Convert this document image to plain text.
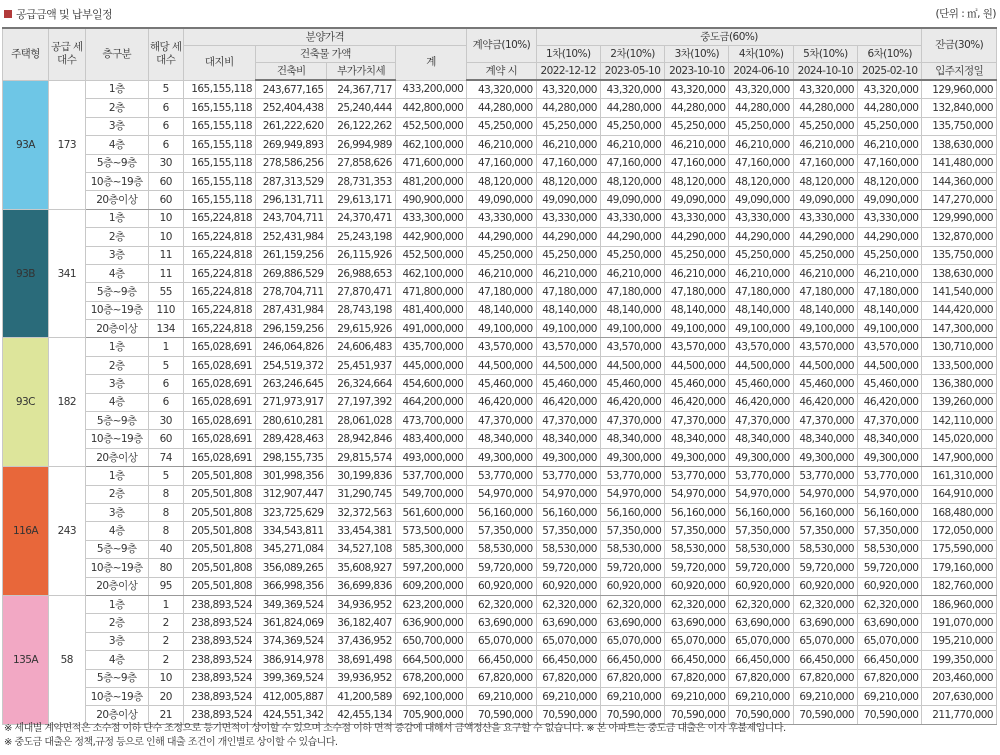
공급금액 및 납부일정	(단위 : ㎡, 원)
주택형	공급 세대수	층구분	해당 세대수	분양가격				계약금(10%)	중도금(60%)						잔금(30%)
				대지비	건축물 가액		계		1차(10%)	2차(10%)	3차(10%)	4차(10%)	5차(10%)	6차(10%)	
					건축비	부가가치세		계약 시	2022-12-12	2023-05-10	2023-10-10	2024-06-10	2024-10-10	2025-02-10	입주지정일
93A	173	1층	5	165,155,118	243,677,165	24,367,717	433,200,000	43,320,000	43,320,000	43,320,000	43,320,000	43,320,000	43,320,000	43,320,000	129,960,000
		2층	6	165,155,118	252,404,438	25,240,444	442,800,000	44,280,000	44,280,000	44,280,000	44,280,000	44,280,000	44,280,000	44,280,000	132,840,000
		3층	6	165,155,118	261,222,620	26,122,262	452,500,000	45,250,000	45,250,000	45,250,000	45,250,000	45,250,000	45,250,000	45,250,000	135,750,000
		4층	6	165,155,118	269,949,893	26,994,989	462,100,000	46,210,000	46,210,000	46,210,000	46,210,000	46,210,000	46,210,000	46,210,000	138,630,000
		5층~9층	30	165,155,118	278,586,256	27,858,626	471,600,000	47,160,000	47,160,000	47,160,000	47,160,000	47,160,000	47,160,000	47,160,000	141,480,000
		10층~19층	60	165,155,118	287,313,529	28,731,353	481,200,000	48,120,000	48,120,000	48,120,000	48,120,000	48,120,000	48,120,000	48,120,000	144,360,000
		20층이상	60	165,155,118	296,131,711	29,613,171	490,900,000	49,090,000	49,090,000	49,090,000	49,090,000	49,090,000	49,090,000	49,090,000	147,270,000
93B	341	1층	10	165,224,818	243,704,711	24,370,471	433,300,000	43,330,000	43,330,000	43,330,000	43,330,000	43,330,000	43,330,000	43,330,000	129,990,000
		2층	10	165,224,818	252,431,984	25,243,198	442,900,000	44,290,000	44,290,000	44,290,000	44,290,000	44,290,000	44,290,000	44,290,000	132,870,000
		3층	11	165,224,818	261,159,256	26,115,926	452,500,000	45,250,000	45,250,000	45,250,000	45,250,000	45,250,000	45,250,000	45,250,000	135,750,000
		4층	11	165,224,818	269,886,529	26,988,653	462,100,000	46,210,000	46,210,000	46,210,000	46,210,000	46,210,000	46,210,000	46,210,000	138,630,000
		5층~9층	55	165,224,818	278,704,711	27,870,471	471,800,000	47,180,000	47,180,000	47,180,000	47,180,000	47,180,000	47,180,000	47,180,000	141,540,000
		10층~19층	110	165,224,818	287,431,984	28,743,198	481,400,000	48,140,000	48,140,000	48,140,000	48,140,000	48,140,000	48,140,000	48,140,000	144,420,000
		20층이상	134	165,224,818	296,159,256	29,615,926	491,000,000	49,100,000	49,100,000	49,100,000	49,100,000	49,100,000	49,100,000	49,100,000	147,300,000
93C	182	1층	1	165,028,691	246,064,826	24,606,483	435,700,000	43,570,000	43,570,000	43,570,000	43,570,000	43,570,000	43,570,000	43,570,000	130,710,000
		2층	5	165,028,691	254,519,372	25,451,937	445,000,000	44,500,000	44,500,000	44,500,000	44,500,000	44,500,000	44,500,000	44,500,000	133,500,000
		3층	6	165,028,691	263,246,645	26,324,664	454,600,000	45,460,000	45,460,000	45,460,000	45,460,000	45,460,000	45,460,000	45,460,000	136,380,000
		4층	6	165,028,691	271,973,917	27,197,392	464,200,000	46,420,000	46,420,000	46,420,000	46,420,000	46,420,000	46,420,000	46,420,000	139,260,000
		5층~9층	30	165,028,691	280,610,281	28,061,028	473,700,000	47,370,000	47,370,000	47,370,000	47,370,000	47,370,000	47,370,000	47,370,000	142,110,000
		10층~19층	60	165,028,691	289,428,463	28,942,846	483,400,000	48,340,000	48,340,000	48,340,000	48,340,000	48,340,000	48,340,000	48,340,000	145,020,000
		20층이상	74	165,028,691	298,155,735	29,815,574	493,000,000	49,300,000	49,300,000	49,300,000	49,300,000	49,300,000	49,300,000	49,300,000	147,900,000
116A	243	1층	5	205,501,808	301,998,356	30,199,836	537,700,000	53,770,000	53,770,000	53,770,000	53,770,000	53,770,000	53,770,000	53,770,000	161,310,000
		2층	8	205,501,808	312,907,447	31,290,745	549,700,000	54,970,000	54,970,000	54,970,000	54,970,000	54,970,000	54,970,000	54,970,000	164,910,000
		3층	8	205,501,808	323,725,629	32,372,563	561,600,000	56,160,000	56,160,000	56,160,000	56,160,000	56,160,000	56,160,000	56,160,000	168,480,000
		4층	8	205,501,808	334,543,811	33,454,381	573,500,000	57,350,000	57,350,000	57,350,000	57,350,000	57,350,000	57,350,000	57,350,000	172,050,000
		5층~9층	40	205,501,808	345,271,084	34,527,108	585,300,000	58,530,000	58,530,000	58,530,000	58,530,000	58,530,000	58,530,000	58,530,000	175,590,000
		10층~19층	80	205,501,808	356,089,265	35,608,927	597,200,000	59,720,000	59,720,000	59,720,000	59,720,000	59,720,000	59,720,000	59,720,000	179,160,000
		20층이상	95	205,501,808	366,998,356	36,699,836	609,200,000	60,920,000	60,920,000	60,920,000	60,920,000	60,920,000	60,920,000	60,920,000	182,760,000
135A	58	1층	1	238,893,524	349,369,524	34,936,952	623,200,000	62,320,000	62,320,000	62,320,000	62,320,000	62,320,000	62,320,000	62,320,000	186,960,000
		2층	2	238,893,524	361,824,069	36,182,407	636,900,000	63,690,000	63,690,000	63,690,000	63,690,000	63,690,000	63,690,000	63,690,000	191,070,000
		3층	2	238,893,524	374,369,524	37,436,952	650,700,000	65,070,000	65,070,000	65,070,000	65,070,000	65,070,000	65,070,000	65,070,000	195,210,000
		4층	2	238,893,524	386,914,978	38,691,498	664,500,000	66,450,000	66,450,000	66,450,000	66,450,000	66,450,000	66,450,000	66,450,000	199,350,000
		5층~9층	10	238,893,524	399,369,524	39,936,952	678,200,000	67,820,000	67,820,000	67,820,000	67,820,000	67,820,000	67,820,000	67,820,000	203,460,000
		10층~19층	20	238,893,524	412,005,887	41,200,589	692,100,000	69,210,000	69,210,000	69,210,000	69,210,000	69,210,000	69,210,000	69,210,000	207,630,000
		20층이상	21	238,893,524	424,551,342	42,455,134	705,900,000	70,590,000	70,590,000	70,590,000	70,590,000	70,590,000	70,590,000	70,590,000	211,770,000
※ 세대별 계약면적은 소수점 이하 단수 조정으로 등기면적이 상이할 수 있으며 소수점 이하 면적 증감에 대해서 금액정산을 요구할 수 없습니다. ※ 본 아파트는 중도금 대출은 이자 후불제입니다.
※ 중도금 대출은 정책,규정 등으로 인해 대출 조건이 개인별로 상이할 수 있습니다.
